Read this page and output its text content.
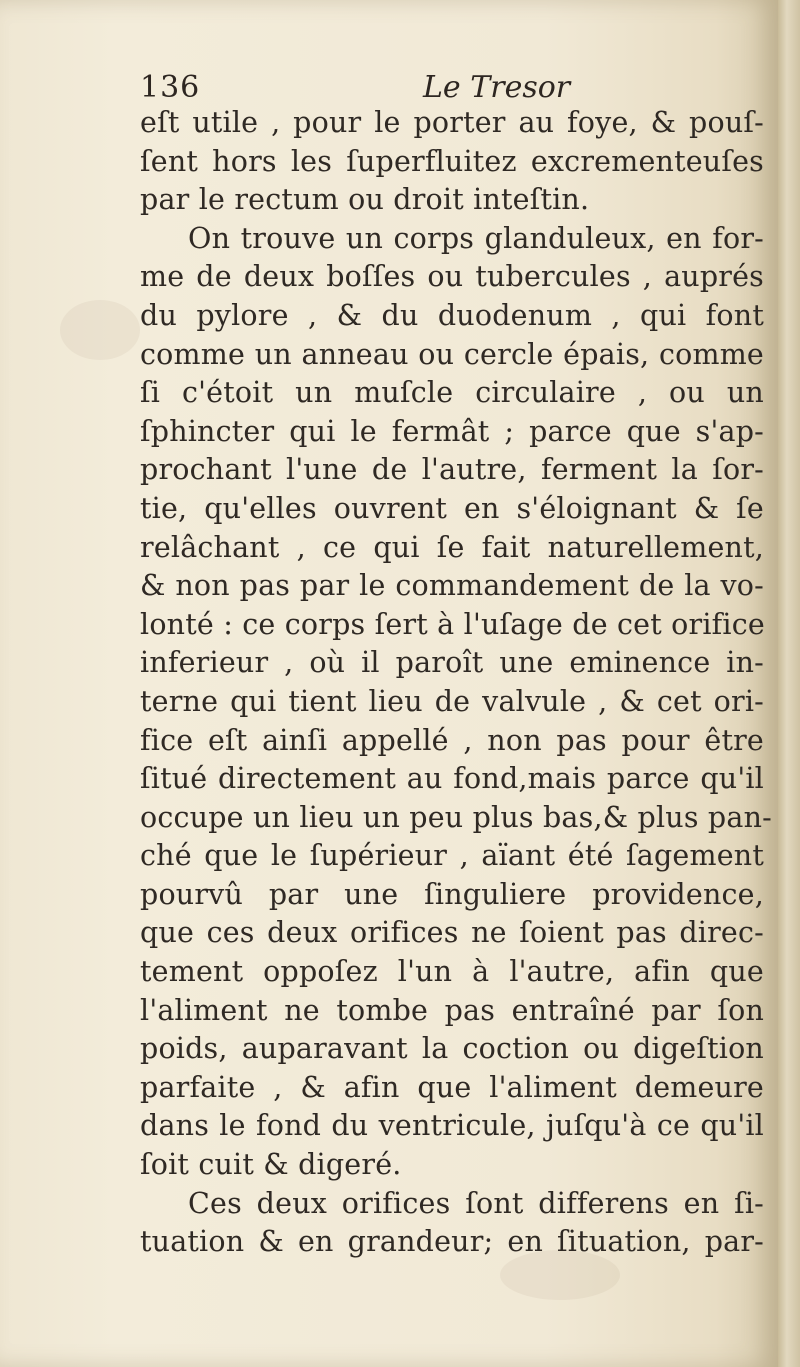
136	Le Tresor
eſt utile , pour le porter au foye, & pouſ-
ſent hors les ſuperfluitez excrementeuſes
par le rectum ou droit inteſtin.
On trouve un corps glanduleux, en for-
me de deux boſſes ou tubercules , auprés
du pylore , & du duodenum , qui font
comme un anneau ou cercle épais, comme
ſi c'étoit un muſcle circulaire , ou un
ſphincter qui le fermât ; parce que s'ap-
prochant l'une de l'autre, ferment la ſor-
tie, qu'elles ouvrent en s'éloignant & ſe
relâchant , ce qui ſe fait naturellement,
& non pas par le commandement de la vo-
lonté : ce corps ſert à l'uſage de cet orifice
inferieur , où il paroît une eminence in-
terne qui tient lieu de valvule , & cet ori-
fice eſt ainſi appellé , non pas pour être
ſitué directement au fond,mais parce qu'il
occupe un lieu un peu plus bas,& plus pan-
ché que le ſupérieur , aïant été ſagement
pourvû par une ſinguliere providence,
que ces deux orifices ne ſoient pas direc-
tement oppoſez l'un à l'autre, afin que
l'aliment ne tombe pas entraîné par ſon
poids, auparavant la coction ou digeſtion
parfaite , & afin que l'aliment demeure
dans le fond du ventricule, juſqu'à ce qu'il
ſoit cuit & digeré.
Ces deux orifices ſont differens en ſi-
tuation & en grandeur; en ſituation, par-
